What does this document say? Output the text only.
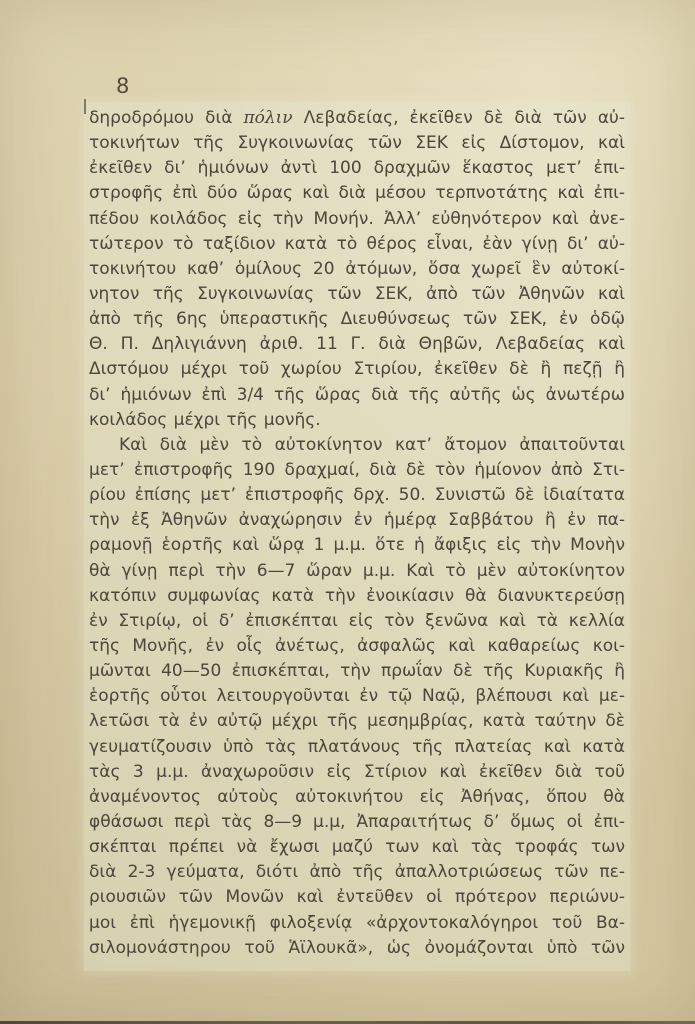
8
δηροδρόμου διὰ πόλιν Λεβαδείας, ἐκεῖθεν δὲ διὰ τῶν αὐ-
τοκινήτων τῆς Συγκοινωνίας τῶν ΣΕΚ εἰς Δίστομον, καὶ
ἐκεῖθεν δι’ ἡμιόνων ἀντὶ 100 δραχμῶν ἕκαστος μετ’ ἐπι-
στροφῆς ἐπὶ δύο ὥρας καὶ διὰ μέσου τερπνοτάτης καὶ ἐπι-
πέδου κοιλάδος εἰς τὴν Μονήν. Ἀλλ’ εὐθηνότερον καὶ ἀνε-
τώτερον τὸ ταξίδιον κατὰ τὸ θέρος εἶναι, ἐὰν γίνῃ δι’ αὐ-
τοκινήτου καθ’ ὁμίλους 20 ἀτόμων, ὅσα χωρεῖ ἓν αὐτοκί-
νητον τῆς Συγκοινωνίας τῶν ΣΕΚ, ἀπὸ τῶν Ἀθηνῶν καὶ
ἀπὸ τῆς 6ης ὑπεραστικῆς Διευθύνσεως τῶν ΣΕΚ, ἐν ὁδῷ
Θ. Π. Δηλιγιάννη ἀριθ. 11 Γ. διὰ Θηβῶν, Λεβαδείας καὶ
Διστόμου μέχρι τοῦ χωρίου Στιρίου, ἐκεῖθεν δὲ ἢ πεζῇ ἢ
δι’ ἡμιόνων ἐπὶ 3/4 τῆς ὥρας διὰ τῆς αὐτῆς ὡς ἀνωτέρω
κοιλάδος μέχρι τῆς μονῆς.
Καὶ διὰ μὲν τὸ αὐτοκίνητον κατ’ ἄτομον ἀπαιτοῦνται
μετ’ ἐπιστροφῆς 190 δραχμαί, διὰ δὲ τὸν ἡμίονον ἀπὸ Στι-
ρίου ἐπίσης μετ’ ἐπιστροφῆς δρχ. 50. Συνιστῶ δὲ ἰδιαίτατα
τὴν ἐξ Ἀθηνῶν ἀναχώρησιν ἐν ἡμέρᾳ Σαββάτου ἢ ἐν πα-
ραμονῇ ἑορτῆς καὶ ὥρᾳ 1 μ.μ. ὅτε ἡ ἄφιξις εἰς τὴν Μονὴν
θὰ γίνῃ περὶ τὴν 6—7 ὥραν μ.μ. Καὶ τὸ μὲν αὐτοκίνητον
κατόπιν συμφωνίας κατὰ τὴν ἐνοικίασιν θὰ διανυκτερεύσῃ
ἐν Στιρίῳ, οἱ δ’ ἐπισκέπται εἰς τὸν ξενῶνα καὶ τὰ κελλία
τῆς Μονῆς, ἐν οἷς ἀνέτως, ἀσφαλῶς καὶ καθαρείως κοι-
μῶνται 40—50 ἐπισκέπται, τὴν πρωΐαν δὲ τῆς Κυριακῆς ἢ
ἑορτῆς οὗτοι λειτουργοῦνται ἐν τῷ Ναῷ, βλέπουσι καὶ με-
λετῶσι τὰ ἐν αὐτῷ μέχρι τῆς μεσημβρίας, κατὰ ταύτην δὲ
γευματίζουσιν ὑπὸ τὰς πλατάνους τῆς πλατείας καὶ κατὰ
τὰς 3 μ.μ. ἀναχωροῦσιν εἰς Στίριον καὶ ἐκεῖθεν διὰ τοῦ
ἀναμένοντος αὐτοὺς αὐτοκινήτου εἰς Ἀθήνας, ὅπου θὰ
φθάσωσι περὶ τὰς 8—9 μ.μ, Ἀπαραιτήτως δ’ ὅμως οἱ ἐπι-
σκέπται πρέπει νὰ ἔχωσι μαζύ των καὶ τὰς τροφάς των
διὰ 2-3 γεύματα, διότι ἀπὸ τῆς ἀπαλλοτριώσεως τῶν πε-
ριουσιῶν τῶν Μονῶν καὶ ἐντεῦθεν οἱ πρότερον περιώνυ-
μοι ἐπὶ ἡγεμονικῇ φιλοξενίᾳ «ἀρχοντοκαλόγηροι τοῦ Βα-
σιλομονάστηρου τοῦ Ἁϊλουκᾶ», ὡς ὀνομάζονται ὑπὸ τῶν
